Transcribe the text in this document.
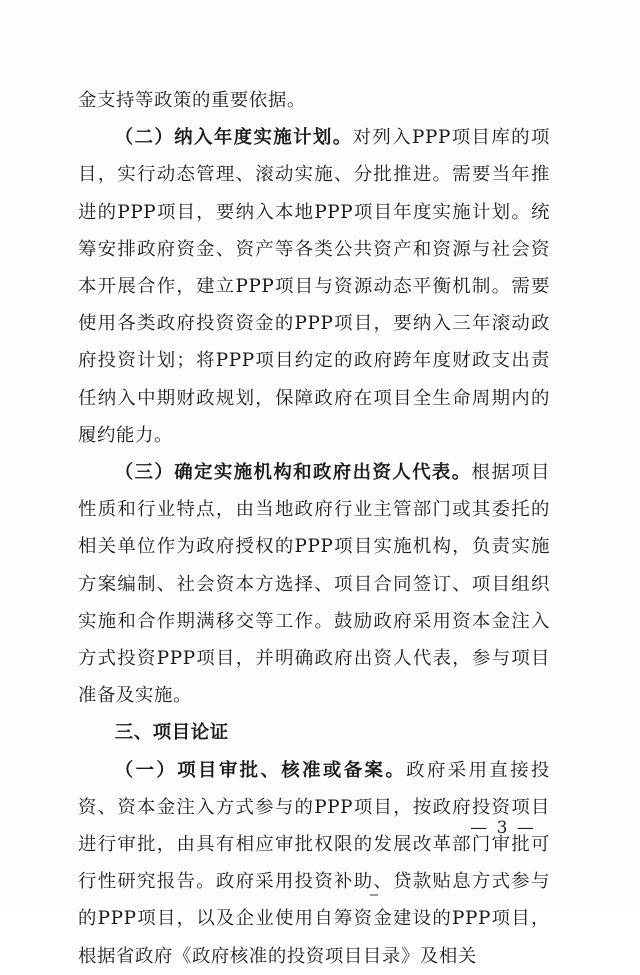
金支持等政策的重要依据。

（二）纳入年度实施计划。对列入PPP项目库的项目，实行动态管理、滚动实施、分批推进。需要当年推进的PPP项目，要纳入本地PPP项目年度实施计划。统筹安排政府资金、资产等各类公共资产和资源与社会资本开展合作，建立PPP项目与资源动态平衡机制。需要使用各类政府投资资金的PPP项目，要纳入三年滚动政府投资计划；将PPP项目约定的政府跨年度财政支出责任纳入中期财政规划，保障政府在项目全生命周期内的履约能力。

（三）确定实施机构和政府出资人代表。根据项目性质和行业特点，由当地政府行业主管部门或其委托的相关单位作为政府授权的PPP项目实施机构，负责实施方案编制、社会资本方选择、项目合同签订、项目组织实施和合作期满移交等工作。鼓励政府采用资本金注入方式投资PPP项目，并明确政府出资人代表，参与项目准备及实施。

三、项目论证

（一）项目审批、核准或备案。政府采用直接投资、资本金注入方式参与的PPP项目，按政府投资项目进行审批，由具有相应审批权限的发展改革部门审批可行性研究报告。政府采用投资补助、贷款贴息方式参与的PPP项目，以及企业使用自筹资金建设的PPP项目，根据省政府《政府核准的投资项目目录》及相关

— 3 —
